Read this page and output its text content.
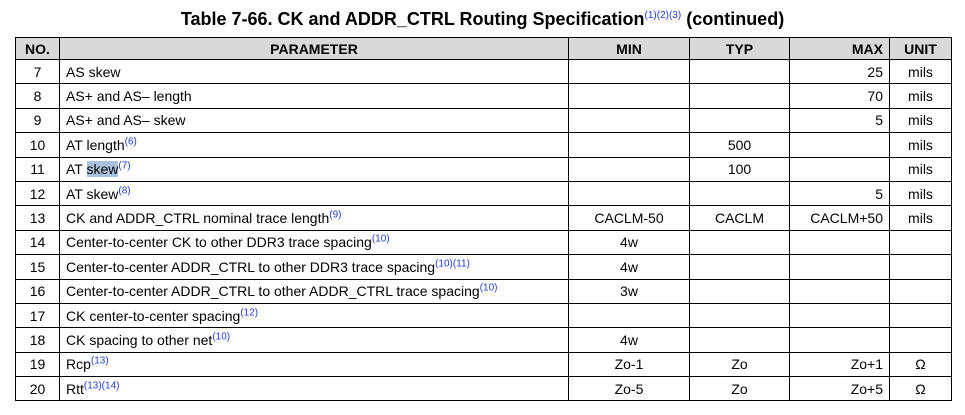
Table 7-66. CK and ADDR_CTRL Routing Specification$^{(1)(2)(3)}$ (continued)
NO.	PARAMETER	MIN	TYP	MAX	UNIT
7	AS skew			25	mils
8	AS+ and AS– length			70	mils
9	AS+ and AS– skew			5	mils
10	AT length$^{(6)}$		500		mils
11	AT skew$^{(7)}$		100		mils
12	AT skew$^{(8)}$			5	mils
13	CK and ADDR_CTRL nominal trace length$^{(9)}$	CACLM-50	CACLM	CACLM+50	mils
14	Center-to-center CK to other DDR3 trace spacing$^{(10)}$	4w			
15	Center-to-center ADDR_CTRL to other DDR3 trace spacing$^{(10)(11)}$	4w			
16	Center-to-center ADDR_CTRL to other ADDR_CTRL trace spacing$^{(10)}$	3w			
17	CK center-to-center spacing$^{(12)}$				
18	CK spacing to other net$^{(10)}$	4w			
19	Rcp$^{(13)}$	Zo-1	Zo	Zo+1	Ω
20	Rtt$^{(13)(14)}$	Zo-5	Zo	Zo+5	Ω
